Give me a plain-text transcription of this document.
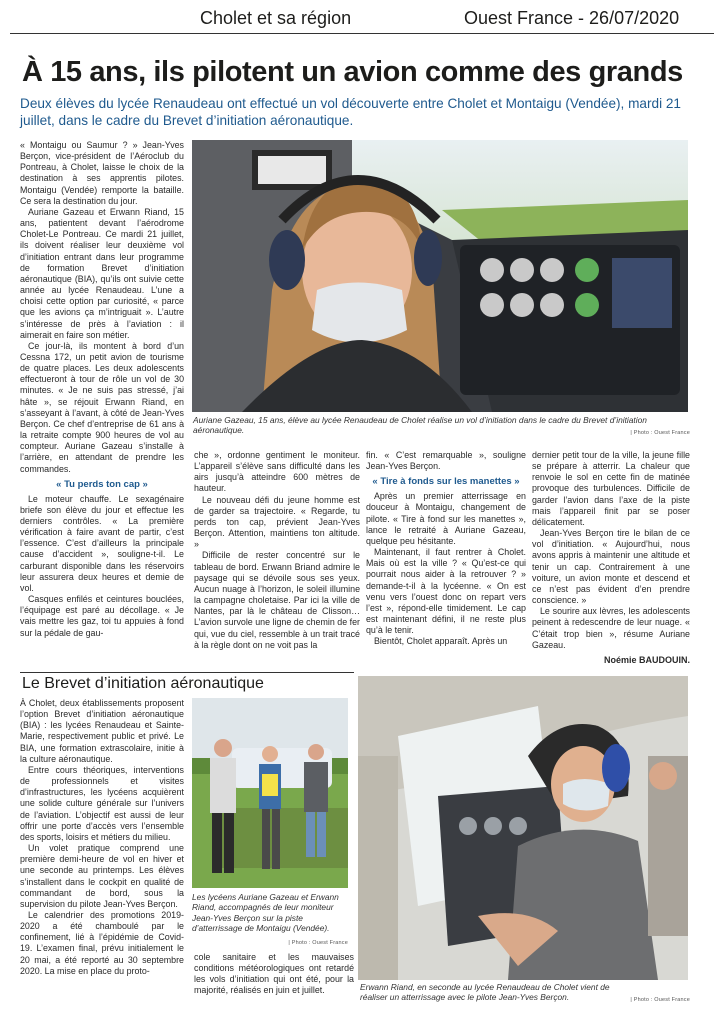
Cholet et sa région	Ouest France - 26/07/2020
À 15 ans, ils pilotent un avion comme des grands
Deux élèves du lycée Renaudeau ont effectué un vol découverte entre Cholet et Montaigu (Vendée), mardi 21 juillet, dans le cadre du Brevet d’initiation aéronautique.
Auriane Gazeau, 15 ans, élève au lycée Renaudeau de Cholet réalise un vol d’initiation dans le cadre du Brevet d’initiation aéronautique.	| Photo : Ouest France

« Montaigu ou Saumur ? » Jean-Yves Berçon, vice-président de l’Aéroclub du Pontreau, à Cholet, laisse le choix de la destination à ses apprentis pilotes. Montaigu (Vendée) remporte la bataille. Ce sera la destination du jour.

Auriane Gazeau et Erwann Riand, 15 ans, patientent devant l’aérodrome Cholet-Le Pontreau. Ce mardi 21 juillet, ils doivent réaliser leur deuxième vol d’initiation entrant dans leur programme de formation Brevet d’initiation aéronautique (BIA), qu’ils ont suivie cette année au lycée Renaudeau. L’une a choisi cette option par curiosité, « parce que les avions ça m’intriguait ». L’autre s’intéresse de près à l’aviation : il aimerait en faire son métier.

Ce jour-là, ils montent à bord d’un Cessna 172, un petit avion de tourisme de quatre places. Les deux adolescents effectueront à tour de rôle un vol de 30 minutes. « Je ne suis pas stressé, j’ai hâte », se réjouit Erwann Riand, en s’asseyant à l’avant, à côté de Jean-Yves Berçon. Ce chef d’entreprise de 61 ans à la retraite compte 900 heures de vol au compteur. Auriane Gazeau s’installe à l’arrière, en attendant de prendre les commandes.

« Tu perds ton cap »

Le moteur chauffe. Le sexagénaire briefe son élève du jour et effectue les derniers contrôles. « La première vérification à faire avant de partir, c’est l’essence. C’est d’ailleurs la principale cause d’accident », souligne-t-il. Le carburant disponible dans les réservoirs leur assurera deux heures et demie de vol.

Casques enfilés et ceintures bouclées, l’équipage est paré au décollage. « Je vais mettre les gaz, toi tu appuies à fond sur la pédale de gau-

che », ordonne gentiment le moniteur. L’appareil s’élève sans difficulté dans les airs jusqu’à atteindre 600 mètres de hauteur.

Le nouveau défi du jeune homme est de garder sa trajectoire. « Regarde, tu perds ton cap, prévient Jean-Yves Berçon. Attention, maintiens ton altitude. »

Difficile de rester concentré sur le tableau de bord. Erwann Briand admire le paysage qui se dévoile sous ses yeux. Aucun nuage à l’horizon, le soleil illumine la campagne choletaise. Par ici la ville de Nantes, par là le château de Clisson… L’avion survole une ligne de chemin de fer qui, vue du ciel, ressemble à un trait tracé à la règle dont on ne voit pas la

fin. « C’est remarquable », souligne Jean-Yves Berçon.

« Tire à fonds sur les manettes »

Après un premier atterrissage en douceur à Montaigu, changement de pilote. « Tire à fond sur les manettes », lance le retraité à Auriane Gazeau, quelque peu hésitante.

Maintenant, il faut rentrer à Cholet. Mais où est la ville ? « Qu’est-ce qui pourrait nous aider à la retrouver ? » demande-t-il à la lycéenne. « On est venu vers l’ouest donc on repart vers l’est », répond-elle timidement. Le cap est maintenant défini, il ne reste plus qu’à le tenir.

Bientôt, Cholet apparaît. Après un

dernier petit tour de la ville, la jeune fille se prépare à atterrir. La chaleur que renvoie le sol en cette fin de matinée provoque des turbulences. Difficile de garder l’avion dans l’axe de la piste mais l’appareil finit par se poser délicatement.

Jean-Yves Berçon tire le bilan de ce vol d’initiation. « Aujourd’hui, nous avons appris à maintenir une altitude et tenir un cap. Contrairement à une voiture, un avion monte et descend et ce n’est pas évident d’en prendre conscience. »

Le sourire aux lèvres, les adolescents peinent à redescendre de leur nuage. « C’était trop bien », résume Auriane Gazeau.

Noémie BAUDOUIN.
Le Brevet d’initiation aéronautique

À Cholet, deux établissements proposent l’option Brevet d’initiation aéronautique (BIA) : les lycées Renaudeau et Sainte-Marie, respectivement public et privé. Le BIA, une formation extrascolaire, initie à la culture aéronautique.

Entre cours théoriques, interventions de professionnels et visites d’infrastructures, les lycéens acquièrent une solide culture générale sur l’univers de l’aviation. L’objectif est aussi de leur offrir une porte d’accès vers l’ensemble des sports, loisirs et métiers du milieu.

Un volet pratique comprend une première demi-heure de vol en hiver et une seconde au printemps. Les élèves s’installent dans le cockpit en qualité de commandant de bord, sous la supervision du pilote Jean-Yves Berçon.

Le calendrier des promotions 2019-2020 a été chamboulé par le confinement, lié à l’épidémie de Covid-19. L’examen final, prévu initialement le 20 mai, a été reporté au 30 septembre 2020. La mise en place du proto-

Les lycéens Auriane Gazeau et Erwann Riand, accompagnés de leur moniteur Jean-Yves Berçon sur la piste d’atterrissage de Montaigu (Vendée).
| Photo : Ouest France

cole sanitaire et les mauvaises conditions météorologiques ont retardé les vols d’initiation qui ont été, pour la majorité, réalisés en juin et juillet.	Erwann Riand, en seconde au lycée Renaudeau de Cholet vient de réaliser un atterrissage avec le pilote Jean-Yves Berçon.	| Photo : Ouest France
